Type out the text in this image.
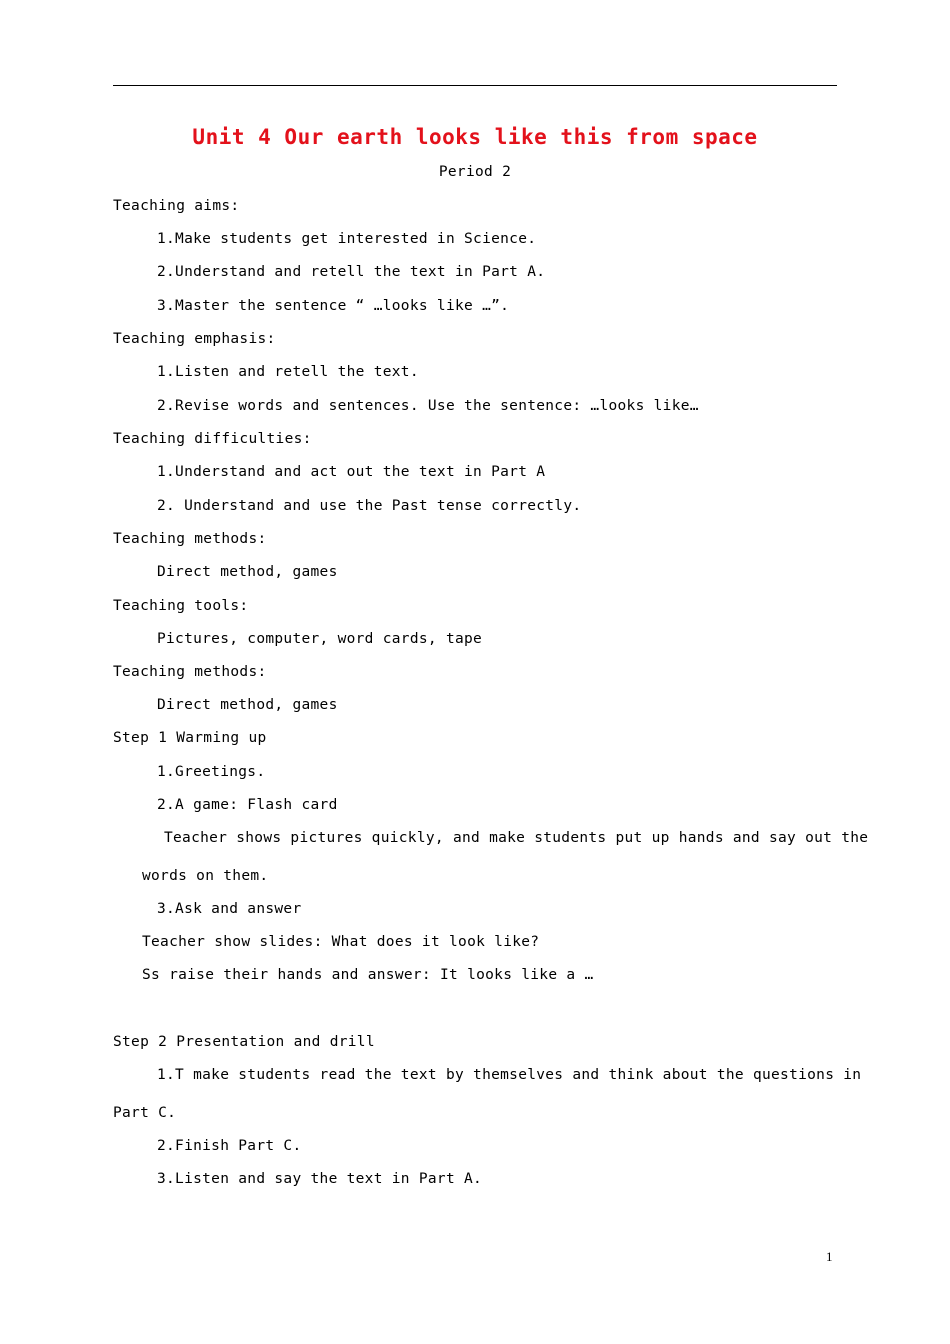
Unit 4 Our earth looks like this from space
Period 2
Teaching aims:
1.Make students get interested in Science.
2.Understand and retell the text in Part A.
3.Master the sentence “ …looks like …”.
Teaching emphasis:
1.Listen and retell the text.
2.Revise words and sentences. Use the sentence: …looks like…
Teaching difficulties:
1.Understand and act out the text in Part A
2. Understand and use the Past tense correctly.
Teaching methods:
Direct method, games
Teaching tools:
Pictures, computer, word cards, tape
Teaching methods:
Direct method, games
Step 1 Warming up
1.Greetings.
2.A game: Flash card
Teacher shows pictures quickly, and make students put up hands and say out the
words on them.
3.Ask and answer
Teacher show slides: What does it look like?
Ss raise their hands and answer: It looks like a …
Step 2 Presentation and drill
1.T make students read the text by themselves and think about the questions in
Part C.
2.Finish Part C.
3.Listen and say the text in Part A.
1
